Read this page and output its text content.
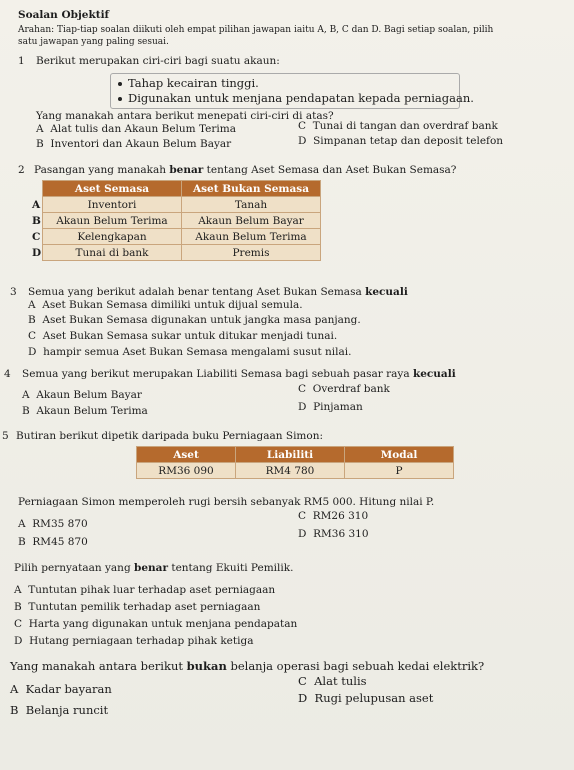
Soalan Objektif
Arahan: Tiap-tiap soalan diikuti oleh empat pilihan jawapan iaitu A, B, C dan D. Bagi setiap soalan, pilih
satu jawapan yang paling sesuai.
1 Berikut merupakan ciri-ciri bagi suatu akaun:
Tahap kecairan tinggi.
Digunakan untuk menjana pendapatan kepada perniagaan.
Yang manakah antara berikut menepati ciri-ciri di atas?
A Alat tulis dan Akaun Belum Terima
B Inventori dan Akaun Belum Bayar
C Tunai di tangan dan overdraf bank
D Simpanan tetap dan deposit telefon
2 Pasangan yang manakah benar tentang Aset Semasa dan Aset Bukan Semasa?
	Aset Semasa	Aset Bukan Semasa
A	Inventori	Tanah
B	Akaun Belum Terima	Akaun Belum Bayar
C	Kelengkapan	Akaun Belum Terima
D	Tunai di bank	Premis
3 Semua yang berikut adalah benar tentang Aset Bukan Semasa kecuali
A Aset Bukan Semasa dimiliki untuk dijual semula.
B Aset Bukan Semasa digunakan untuk jangka masa panjang.
C Aset Bukan Semasa sukar untuk ditukar menjadi tunai.
D hampir semua Aset Bukan Semasa mengalami susut nilai.
4 Semua yang berikut merupakan Liabiliti Semasa bagi sebuah pasar raya kecuali
A Akaun Belum Bayar
B Akaun Belum Terima
C Overdraf bank
D Pinjaman
5 Butiran berikut dipetik daripada buku Perniagaan Simon:
Aset	Liabiliti	Modal
RM36 090	RM4 780	P
Perniagaan Simon memperoleh rugi bersih sebanyak RM5 000. Hitung nilai P.
A RM35 870
B RM45 870
C RM26 310
D RM36 310
Pilih pernyataan yang benar tentang Ekuiti Pemilik.
A Tuntutan pihak luar terhadap aset perniagaan
B Tuntutan pemilik terhadap aset perniagaan
C Harta yang digunakan untuk menjana pendapatan
D Hutang perniagaan terhadap pihak ketiga
Yang manakah antara berikut bukan belanja operasi bagi sebuah kedai elektrik?
A Kadar bayaran
B Belanja runcit
C Alat tulis
D Rugi pelupusan aset
